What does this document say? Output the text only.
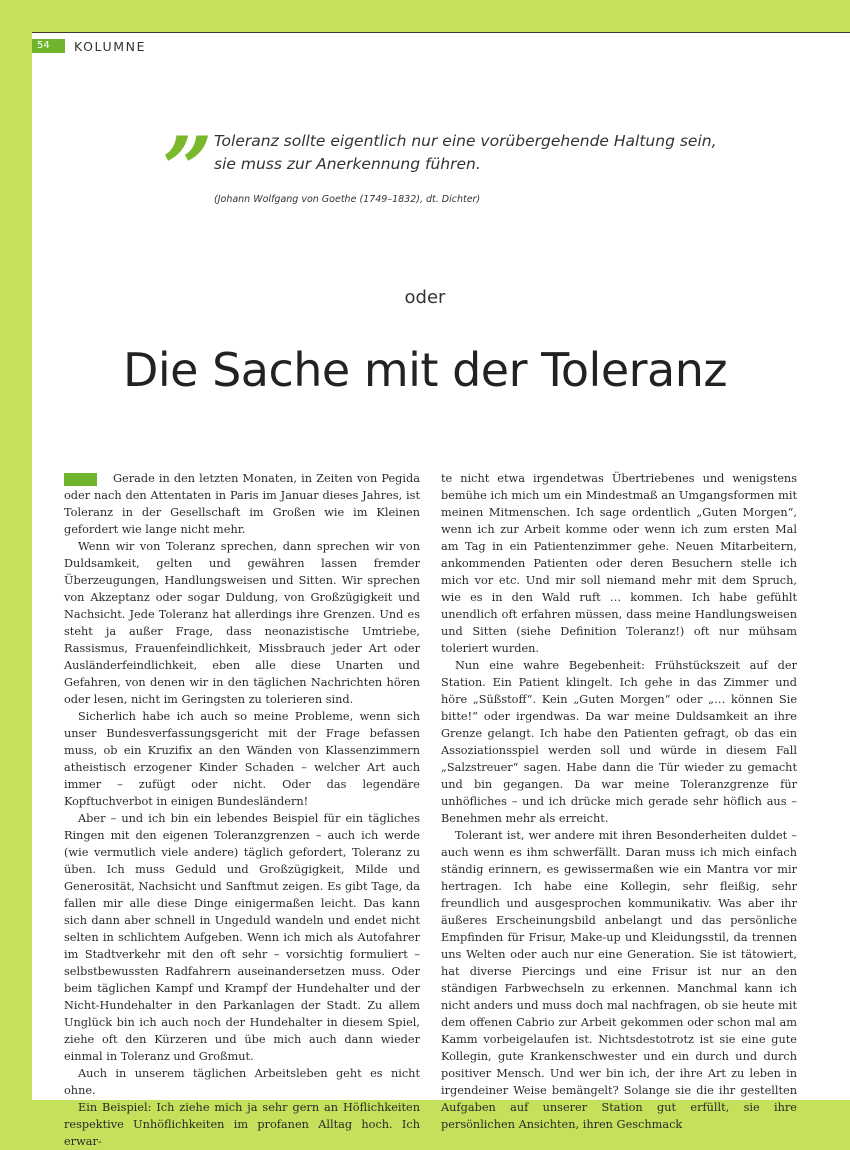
54	KOLUMNE
” Toleranz sollte eigentlich nur eine vorübergehende Haltung sein,
sie muss zur Anerkennung führen.
(Johann Wolfgang von Goethe (1749–1832), dt. Dichter)
oder
Die Sache mit der Toleranz

Gerade in den letzten Monaten, in Zeiten von Pegida oder nach den Attentaten in Paris im Januar dieses Jahres, ist Toleranz in der Gesellschaft im Großen wie im Kleinen gefordert wie lange nicht mehr.

Wenn wir von Toleranz sprechen, dann sprechen wir von Duldsamkeit, gelten und gewähren lassen fremder Überzeugungen, Handlungsweisen und Sitten. Wir sprechen von Akzeptanz oder sogar Duldung, von Großzügigkeit und Nachsicht. Jede Toleranz hat allerdings ihre Grenzen. Und es steht ja außer Frage, dass neonazistische Umtriebe, Rassismus, Frauenfeindlichkeit, Missbrauch jeder Art oder Ausländerfeindlichkeit, eben alle diese Unarten und Gefahren, von denen wir in den täglichen Nachrichten hören oder lesen, nicht im Geringsten zu tolerieren sind.

Sicherlich habe ich auch so meine Probleme, wenn sich unser Bundesverfassungsgericht mit der Frage befassen muss, ob ein Kruzifix an den Wänden von Klassenzimmern atheistisch erzogener Kinder Schaden – welcher Art auch immer – zufügt oder nicht. Oder das legendäre Kopftuchverbot in einigen Bundesländern!

Aber – und ich bin ein lebendes Beispiel für ein tägliches Ringen mit den eigenen Toleranzgrenzen – auch ich werde (wie vermutlich viele andere) täglich gefordert, Toleranz zu üben. Ich muss Geduld und Großzügigkeit, Milde und Generosität, Nachsicht und Sanftmut zeigen. Es gibt Tage, da fallen mir alle diese Dinge einigermaßen leicht. Das kann sich dann aber schnell in Ungeduld wandeln und endet nicht selten in schlichtem Aufgeben. Wenn ich mich als Autofahrer im Stadtverkehr mit den oft sehr – vorsichtig formuliert – selbstbewussten Radfahrern auseinandersetzen muss. Oder beim täglichen Kampf und Krampf der Hundehalter und der Nicht-Hundehalter in den Parkanlagen der Stadt. Zu allem Unglück bin ich auch noch der Hundehalter in diesem Spiel, ziehe oft den Kürzeren und übe mich auch dann wieder einmal in Toleranz und Großmut.

Auch in unserem täglichen Arbeitsleben geht es nicht ohne.

Ein Beispiel: Ich ziehe mich ja sehr gern an Höflichkeiten respektive Unhöflichkeiten im profanen Alltag hoch. Ich erwar-

te nicht etwa irgendetwas Übertriebenes und wenigstens bemühe ich mich um ein Mindestmaß an Umgangsformen mit meinen Mitmenschen. Ich sage ordentlich „Guten Morgen“, wenn ich zur Arbeit komme oder wenn ich zum ersten Mal am Tag in ein Patientenzimmer gehe. Neuen Mitarbeitern, ankommenden Patienten oder deren Besuchern stelle ich mich vor etc. Und mir soll niemand mehr mit dem Spruch, wie es in den Wald ruft … kommen. Ich habe gefühlt unendlich oft erfahren müssen, dass meine Handlungsweisen und Sitten (siehe Definition Toleranz!) oft nur mühsam toleriert wurden.

Nun eine wahre Begebenheit: Frühstückszeit auf der Station. Ein Patient klingelt. Ich gehe in das Zimmer und höre „Süßstoff“. Kein „Guten Morgen“ oder „… können Sie bitte!“ oder irgendwas. Da war meine Duldsamkeit an ihre Grenze gelangt. Ich habe den Patienten gefragt, ob das ein Assoziationsspiel werden soll und würde in diesem Fall „Salzstreuer“ sagen. Habe dann die Tür wieder zu gemacht und bin gegangen. Da war meine Toleranzgrenze für unhöfliches – und ich drücke mich gerade sehr höflich aus – Benehmen mehr als erreicht.

Tolerant ist, wer andere mit ihren Besonderheiten duldet – auch wenn es ihm schwerfällt. Daran muss ich mich einfach ständig erinnern, es gewissermaßen wie ein Mantra vor mir hertragen. Ich habe eine Kollegin, sehr fleißig, sehr freundlich und ausgesprochen kommunikativ. Was aber ihr äußeres Erscheinungsbild anbelangt und das persönliche Empfinden für Frisur, Make-up und Kleidungsstil, da trennen uns Welten oder auch nur eine Generation. Sie ist tätowiert, hat diverse Piercings und eine Frisur ist nur an den ständigen Farbwechseln zu erkennen. Manchmal kann ich nicht anders und muss doch mal nachfragen, ob sie heute mit dem offenen Cabrio zur Arbeit gekommen oder schon mal am Kamm vorbeigelaufen ist. Nichtsdestotrotz ist sie eine gute Kollegin, gute Krankenschwester und ein durch und durch positiver Mensch. Und wer bin ich, der ihre Art zu leben in irgendeiner Weise bemängelt? Solange sie die ihr gestellten Aufgaben auf unserer Station gut erfüllt, sie ihre persönlichen Ansichten, ihren Geschmack
